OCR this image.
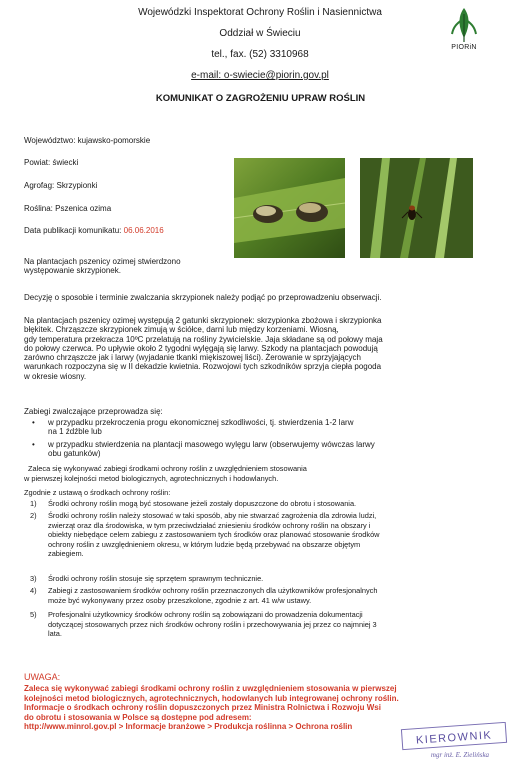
Wojewódzki Inspektorat Ochrony Roślin i Nasiennictwa
Oddział w Świeciu
tel., fax. (52) 3310968
e-mail: o-swiecie@piorin.gov.pl
PIORiN
KOMUNIKAT O ZAGROŻENIU UPRAW ROŚLIN
Województwo: kujawsko-pomorskie
Powiat: świecki
Agrofag: Skrzypionki
Roślina: Pszenica ozima
Data publikacji komunikatu: 06.06.2016
Na plantacjach pszenicy ozimej stwierdzono
występowanie skrzypionek.
Decyzję o sposobie i terminie zwalczania skrzypionek należy podjąć po przeprowadzeniu obserwacji.
Na plantacjach pszenicy ozimej występują 2 gatunki skrzypionek: skrzypionka zbożowa i skrzypionka
błękitek. Chrząszcze skrzypionek zimują w ściółce, darni lub między korzeniami. Wiosną,
gdy temperatura przekracza 10ºC przelatują na rośliny żywicielskie. Jaja składane są od połowy maja
do połowy czerwca. Po upływie około 2 tygodni wylęgają się larwy. Szkody na plantacjach powodują
zarówno chrząszcze jak i larwy (wyjadanie tkanki miękiszowej liści). Żerowanie w sprzyjających
warunkach rozpoczyna się w II dekadzie kwietnia. Rozwojowi tych szkodników sprzyja ciepła pogoda
w okresie wiosny.
Zabiegi zwalczające przeprowadza się:
• w przypadku przekroczenia progu ekonomicznej szkodliwości, tj. stwierdzenia 1-2 larw
na 1 źdźble lub
• w przypadku stwierdzenia na plantacji masowego wylęgu larw (obserwujemy wówczas larwy
obu gatunków)
Zaleca się wykonywać zabiegi środkami ochrony roślin z uwzględnieniem stosowania
w pierwszej kolejności metod biologicznych, agrotechnicznych i hodowlanych.
Zgodnie z ustawą o środkach ochrony roślin:
1) Środki ochrony roślin mogą być stosowane jeżeli zostały dopuszczone do obrotu i stosowania.
2) Środki ochrony roślin należy stosować w taki sposób, aby nie stwarzać zagrożenia dla zdrowia ludzi,
zwierząt oraz dla środowiska, w tym przeciwdziałać zniesieniu środków ochrony roślin na obszary i
obiekty niebędące celem zabiegu z zastosowaniem tych środków oraz planować stosowanie środków
ochrony roślin z uwzględnieniem okresu, w którym ludzie będą przebywać na obszarze objętym
zabiegiem.
3) Środki ochrony roślin stosuje się sprzętem sprawnym technicznie.
4) Zabiegi z zastosowaniem środków ochrony roślin przeznaczonych dla użytkowników profesjonalnych
może być wykonywany przez osoby przeszkolone, zgodnie z art. 41 w/w ustawy.
5) Profesjonalni użytkownicy środków ochrony roślin są zobowiązani do prowadzenia dokumentacji
dotyczącej stosowanych przez nich środków ochrony roślin i przechowywania jej przez co najmniej 3
lata.
UWAGA:
Zaleca się wykonywać zabiegi środkami ochrony roślin z uwzględnieniem stosowania w pierwszej
kolejności metod biologicznych, agrotechnicznych, hodowlanych lub integrowanej ochrony roślin.
Informacje o środkach ochrony roślin dopuszczonych przez Ministra Rolnictwa i Rozwoju Wsi
do obrotu i stosowania w Polsce są dostępne pod adresem:
http://www.minrol.gov.pl > Informacje branżowe > Produkcja roślinna > Ochrona roślin
KIEROWNIK
mgr inż. E. Zielińska
